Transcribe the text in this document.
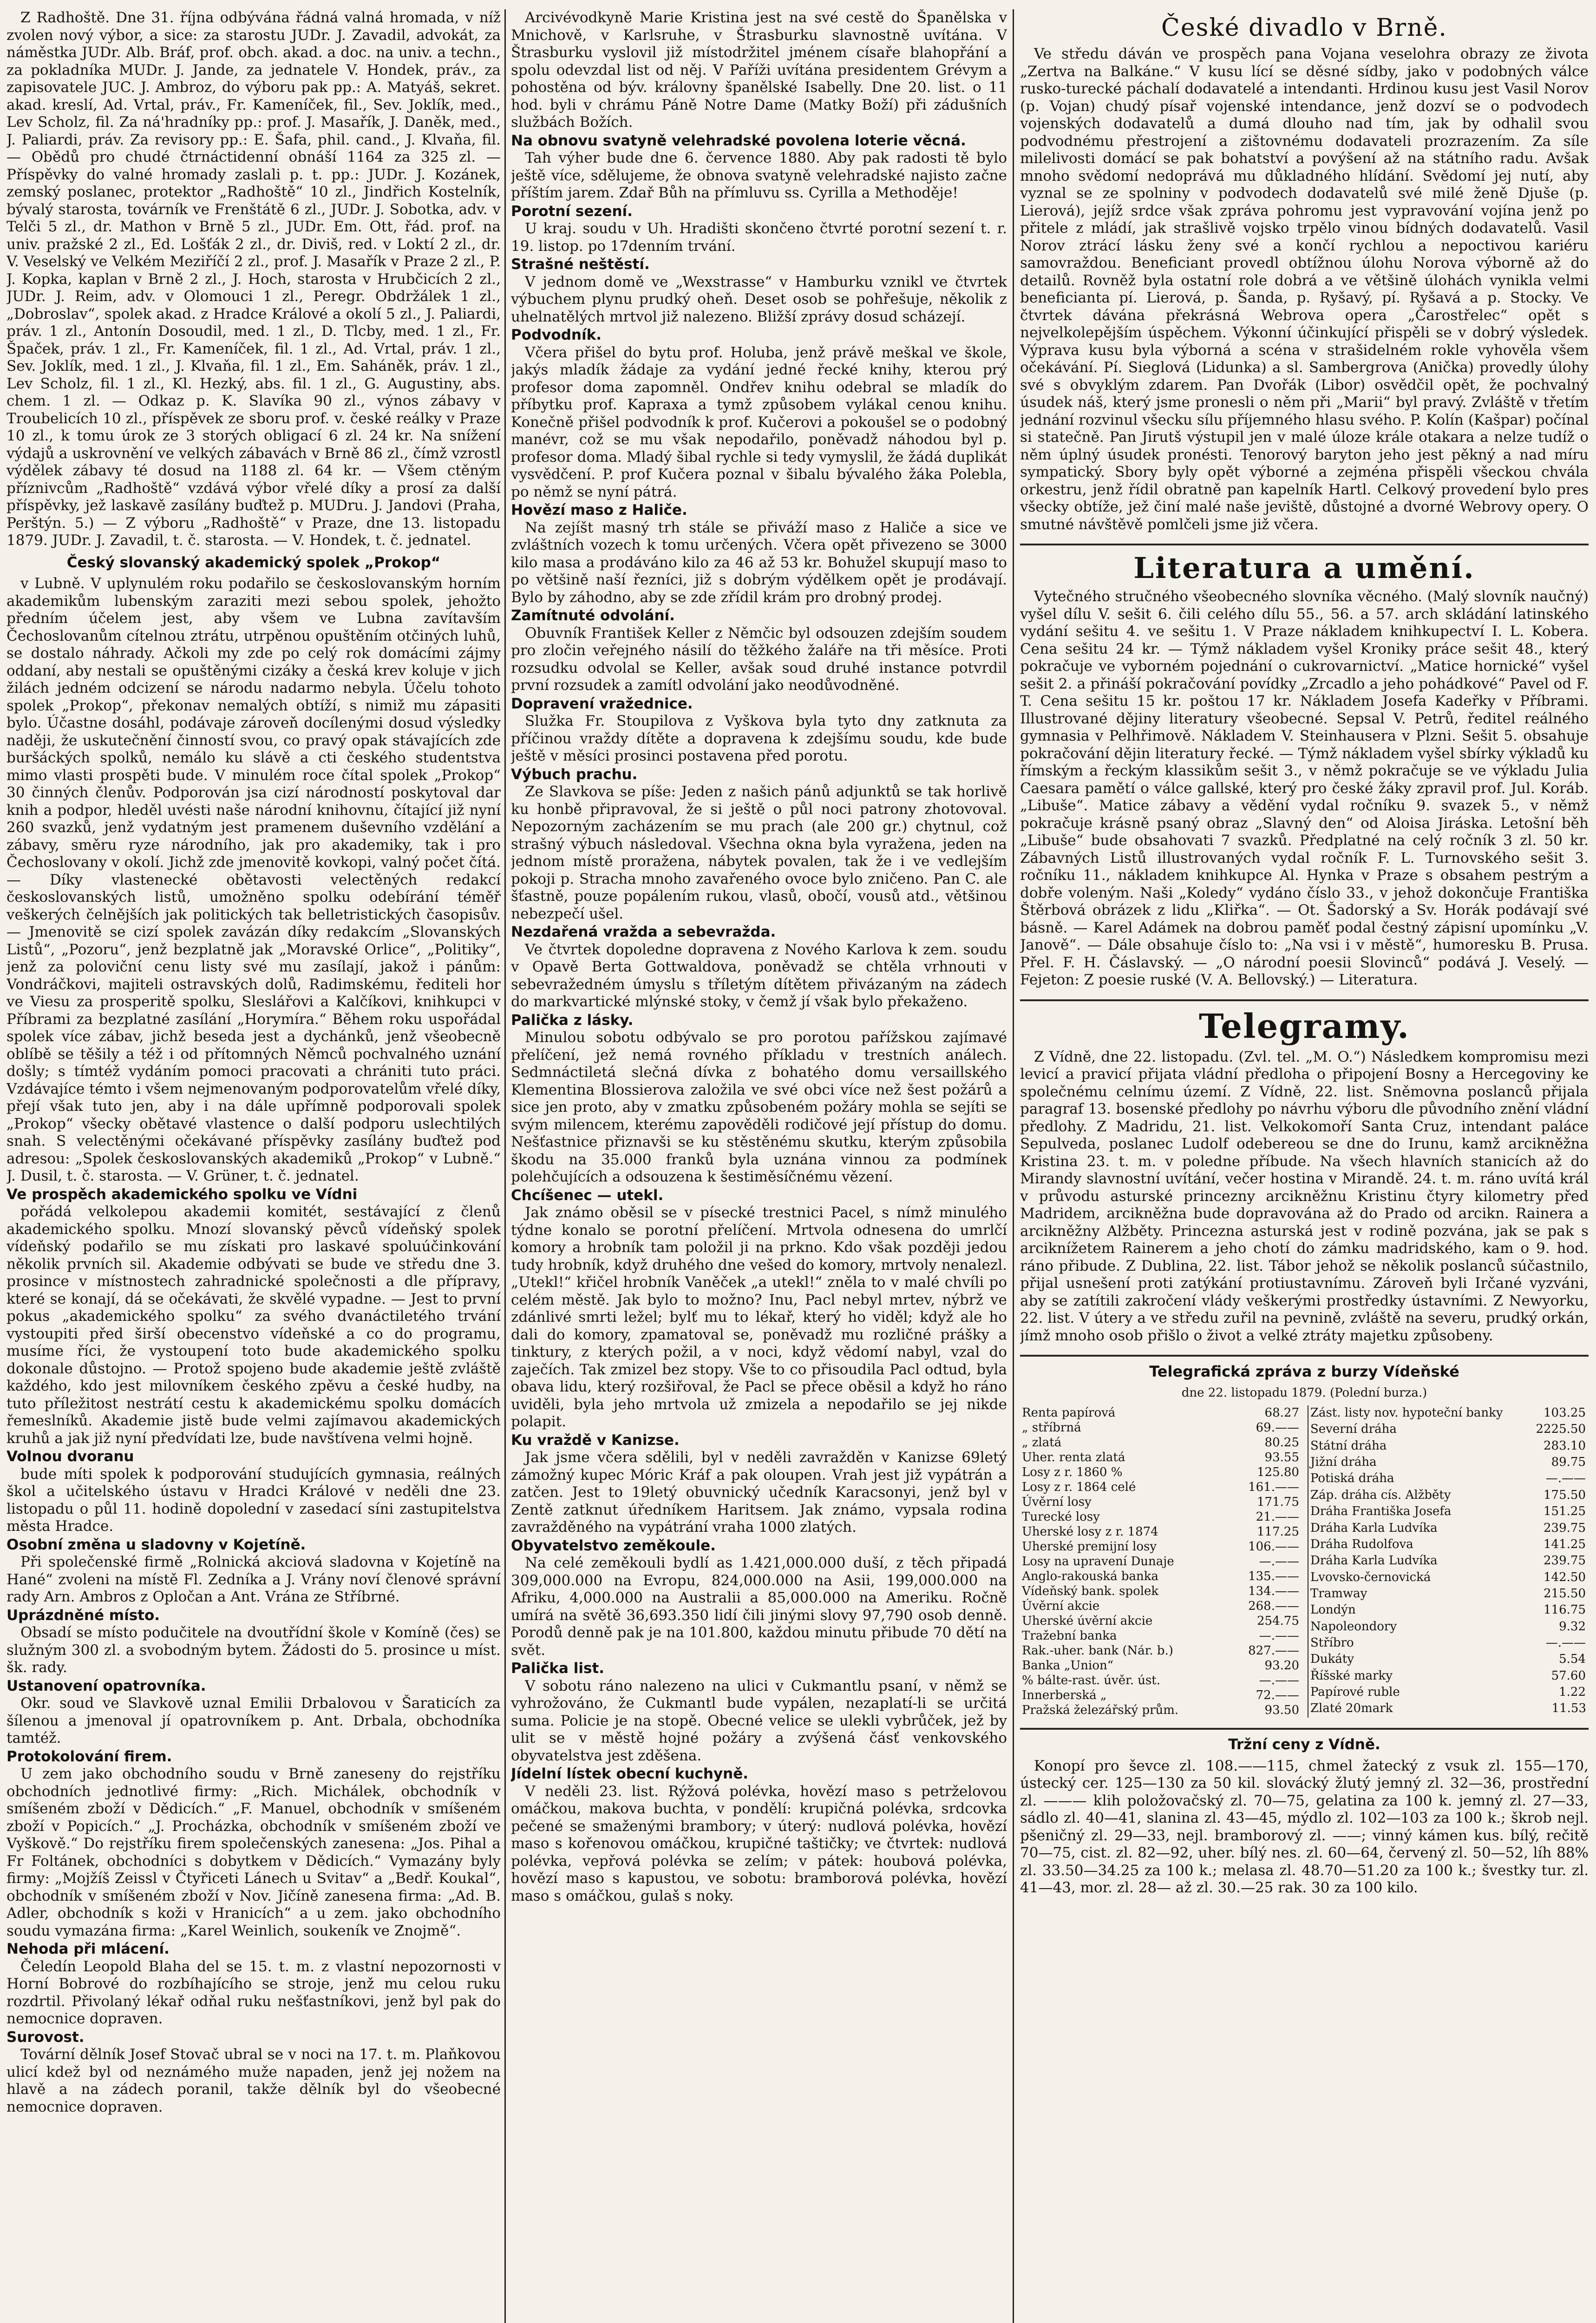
Z Radhoště. Dne 31. října odbývána řádná valná hromada, v níž zvolen nový výbor, a sice: za starostu JUDr. J. Zavadil, advokát, za náměstka JUDr. Alb. Bráf, prof. obch. akad. a doc. na univ. a techn., za pokladníka MUDr. J. Jande, za jednatele V. Hondek, práv., za zapisovatele JUC. J. Ambroz, do výboru pak pp.: A. Matyáš, sekret. akad. kreslí, Ad. Vrtal, práv., Fr. Kameníček, fil., Sev. Joklík, med., Lev Scholz, fil. Za ná'hradníky pp.: prof. J. Masařík, J. Daněk, med., J. Paliardi, práv. Za revisory pp.: E. Šafa, phil. cand., J. Klvaňa, fil. — Obědů pro chudé čtrnáctidenní obnáší 1164 za 325 zl. — Příspěvky do valné hromady zaslali p. t. pp.: JUDr. J. Kozánek, zemský poslanec, protektor „Radhoště“ 10 zl., Jindřich Kostelník, bývalý starosta, továrník ve Frenštátě 6 zl., JUDr. J. Sobotka, adv. v Telči 5 zl., dr. Mathon v Brně 5 zl., JUDr. Em. Ott, řád. prof. na univ. pražské 2 zl., Ed. Lošťák 2 zl., dr. Diviš, red. v Loktí 2 zl., dr. V. Veselský ve Velkém Meziříčí 2 zl., prof. J. Masařík v Praze 2 zl., P. J. Kopka, kaplan v Brně 2 zl., J. Hoch, starosta v Hrubčicích 2 zl., JUDr. J. Reim, adv. v Olomouci 1 zl., Peregr. Obdržálek 1 zl., „Dobroslav“, spolek akad. z Hradce Králové a okolí 5 zl., J. Paliardi, práv. 1 zl., Antonín Dosoudil, med. 1 zl., D. Tlcby, med. 1 zl., Fr. Špaček, práv. 1 zl., Fr. Kameníček, fil. 1 zl., Ad. Vrtal, práv. 1 zl., Sev. Joklík, med. 1 zl., J. Klvaňa, fil. 1 zl., Em. Saháněk, práv. 1 zl., Lev Scholz, fil. 1 zl., Kl. Hezký, abs. fil. 1 zl., G. Augustiny, abs. chem. 1 zl. — Odkaz p. K. Slavíka 90 zl., výnos zábavy v Troubelicích 10 zl., příspěvek ze sboru prof. v. české reálky v Praze 10 zl., k tomu úrok ze 3 storých obligací 6 zl. 24 kr. Na snížení výdajů a uskrovnění ve velkých zábavách v Brně 86 zl., čímž vzrostl výdělek zábavy té dosud na 1188 zl. 64 kr. — Všem ctěným příznivcům „Radhoště“ vzdává výbor vřelé díky a prosí za další příspěvky, jež laskavě zasílány buďtež p. MUDru. J. Jandovi (Praha, Perštýn. 5.) — Z výboru „Radhoště“ v Praze, dne 13. listopadu 1879. JUDr. J. Zavadil, t. č. starosta. — V. Hondek, t. č. jednatel.

Český slovanský akademický spolek „Prokop“

v Lubně. V uplynulém roku podařilo se českoslovanským horním akademikům lubenským zaraziti mezi sebou spolek, jehožto předním účelem jest, aby všem ve Lubna zavítavším Čechoslovanům cítelnou ztrátu, utrpěnou opuštěním otčiných luhů, se dostalo náhrady. Ačkoli my zde po celý rok domácími zájmy oddaní, aby nestali se opuštěnými cizáky a česká krev koluje v jich žilách jedném odcizení se národu nadarmo nebyla. Účelu tohoto spolek „Prokop“, překonav nemalých obtíží, s nimiž mu zápasiti bylo. Účastne dosáhl, podávaje zároveň docílenými dosud výsledky naději, že uskutečnění činností svou, co pravý opak stávajících zde buršáckých spolků, nemálo ku slávě a cti českého studentstva mimo vlasti prospěti bude. V minulém roce čítal spolek „Prokop“ 30 činných členův. Podporován jsa cizí národností poskytoval dar knih a podpor, hleděl uvésti naše národní knihovnu, čítající již nyní 260 svazků, jenž vydatným jest pramenem duševního vzdělání a zábavy, směru ryze národního, jak pro akademiky, tak i pro Čechoslovany v okolí. Jichž zde jmenovitě kovkopi, valný počet čítá. — Díky vlastenecké obětavosti velectěných redakcí českoslovanských listů, umožněno spolku odebírání téměř veškerých čelnějších jak politických tak belletristických časopisův. — Jmenovitě se cizí spolek zavázán díky redakcím „Slovanských Listů“, „Pozoru“, jenž bezplatně jak „Moravské Orlice“, „Politiky“, jenž za polovičnί cenu listy své mu zasílají, jakož i pánům: Vondráčkovi, majiteli ostravských dolů, Radimskému, řediteli hor ve Viesu za prosperitě spolku, Sleslářovi a Kalčíkovi, knihkupci v Příbrami za bezplatné zasílání „Horymíra.“ Během roku uspořádal spolek více zábav, jichž beseda jest a dychánků, jenž všeobecně oblíbě se těšily a též i od přítomných Němců pochvalného uznání došly; s tímtéž vydáním pomoci pracovati a chrániti tuto práci. Vzdávajíce témto i všem nejmenovaným podporovatelům vřelé díky, přejí však tuto jen, aby i na dále upřímně podporovali spolek „Prokop“ všecky obětavé vlastence o další podporu uslechtilých snah. S velectěnými očekávané příspěvky zasílány buďtež pod adresou: „Spolek českoslovanských akademiků „Prokop“ v Lubně.“ J. Dusil, t. č. starosta. — V. Grüner, t. č. jednatel.

Ve prospěch akademického spolku ve Vídni

pořádá velkolepou akademii komitét, sestávající z členů akademického spolku. Mnozí slovanský pěvců vídeňský spolek vídeňský podařilo se mu získati pro laskavé spoluúčinkování několik prvních sil. Akademie odbývati se bude ve středu dne 3. prosince v místnostech zahradnické společnosti a dle přípravy, které se konají, dá se očekávati, že skvělé vypadne. — Jest to první pokus „akademického spolku“ za svého dvanáctiletého trvání vystoupiti před širší obecenstvo vídeňské a co do programu, musíme říci, že vystoupení toto bude akademického spolku dokonale důstojno. — Protož spojeno bude akademie ještě zvláště každého, kdo jest milovníkem českého zpěvu a české hudby, na tuto příležitost nestrátí cestu k akademickému spolku domácích řemeslníků. Akademie jistě bude velmi zajímavou akademických kruhů a jak již nyní předvídati lze, bude navštívena velmi hojně.

Volnou dvoranu

bude míti spolek k podporování studujících gymnasia, reálných škol a učitelského ústavu v Hradci Králové v neděli dne 23. listopadu o půl 11. hodině dopolední v zasedací síni zastupitelstva města Hradce.

Osobní změna u sladovny v Kojetíně.

Při společenské firmě „Rolnická akciová sladovna v Kojetíně na Hané“ zvoleni na místě Fl. Zedníka a J. Vrány noví členové správní rady Arn. Ambros z Opločan a Ant. Vrána ze Stříbrné.

Uprázdněné místo.

Obsadí se místo podučitele na dvoutřídní škole v Komíně (čes) se služným 300 zl. a svobodným bytem. Žádosti do 5. prosince u míst. šk. rady.

Ustanovení opatrovníka.

Okr. soud ve Slavkově uznal Emilii Drbalovou v Šaraticích za šílenou a jmenoval jí opatrovníkem p. Ant. Drbala, obchodníka tamtéž.

Protokolování firem.

U zem jako obchodního soudu v Brně zaneseny do rejstříku obchodních jednotlivé firmy: „Rich. Michálek, obchodník v smíšeném zboží v Dědicích.“ „F. Manuel, obchodník v smíšeném zboží v Popicích.“ „J. Procházka, obchodník v smíšeném zboží ve Vyškově.“ Do rejstříku firem společenských zanesena: „Jos. Pihal a Fr Foltánek, obchodníci s dobytkem v Dědicích.“ Vymazány byly firmy: „Mojžíš Zeissl v Čtyřiceti Lánech u Svitav“ a „Bedř. Koukal“, obchodník v smíšeném zboží v Nov. Jičíně zanesena firma: „Ad. B. Adler, obchodník s koži v Hranicích“ a u zem. jako obchodního soudu vymazána firma: „Karel Weinlich, soukeník ve Znojmě“.

Nehoda při mlácení.

Čeledín Leopold Blaha del se 15. t. m. z vlastní nepozornosti v Horní Bobrové do rozbíhajícího se stroje, jenž mu celou ruku rozdrtil. Přivolaný lékař odňal ruku nešťastníkovi, jenž byl pak do nemocnice dopraven.

Surovost.

Tovární dělník Josef Stovač ubral se v noci na 17. t. m. Plaňkovou ulicí kdež byl od neznámého muže napaden, jenž jej nožem na hlavě a na zádech poranil, takže dělník byl do všeobecné nemocnice dopraven.

Arcivévodkyně Marie Kristina jest na své cestě do Španělska v Mnichově, v Karlsruhe, v Štrasburku slavnostně uvítána. V Štrasburku vyslovil již místodržitel jménem císaře blahopřání a spolu odevzdal list od něj. V Paříži uvítána presidentem Grévym a pohostěna od býv. královny španělské Isabelly. Dne 20. list. o 11 hod. byli v chrámu Páně Notre Dame (Matky Boží) při zádušních službách Božích.

Na obnovu svatyně velehradské povolena loterie věcná.

Tah výher bude dne 6. července 1880. Aby pak radosti tě bylo ještě více, sdělujeme, že obnova svatyně velehradské najisto začne příštím jarem. Zdař Bůh na přímluvu ss. Cyrilla a Methoděje!

Porotní sezení.

U kraj. soudu v Uh. Hradišti skončeno čtvrté porotní sezení t. r. 19. listop. po 17denním trvání.

Strašné neštěstí.

V jednom domě ve „Wexstrasse“ v Hamburku vznikl ve čtvrtek výbuchem plynu prudký oheň. Deset osob se pohřešuje, několik z uhelnatělých mrtvol již nalezeno. Bližší zprávy dosud scházejí.

Podvodník.

Včera přišel do bytu prof. Holuba, jenž právě meškal ve škole, jakýs mladík žádaje za vydání jedné řecké knihy, kterou prý profesor doma zapomněl. Ondřev knihu odebral se mladík do příbytku prof. Kapraxa a tymž způsobem vylákal cenou knihu. Konečně přišel podvodník k prof. Kučerovi a pokoušel se o podobný manévr, což se mu však nepodařilo, poněvadž náhodou byl p. profesor doma. Mladý šibal rychle si tedy vymyslil, že žádá duplikát vysvědčení. P. prof Kučera poznal v šibalu bývalého žáka Polebla, po němž se nyní pátrá.

Hovězí maso z Haliče.

Na zejíšt masný trh stále se přiváží maso z Haliče a sice ve zvláštních vozech k tomu určených. Včera opět přivezeno se 3000 kilo masa a prodáváno kilo za 46 až 53 kr. Bohužel skupují maso to po většině naší řezníci, již s dobrým výdělkem opět je prodávají. Bylo by záhodno, aby se zde zřídil krám pro drobný prodej.

Zamítnuté odvolání.

Obuvník František Keller z Němčic byl odsouzen zdejším soudem pro zločin veřejného násilí do těžkého žaláře na tři měsíce. Proti rozsudku odvolal se Keller, avšak soud druhé instance potvrdil první rozsudek a zamítl odvolání jako neodůvodněné.

Dopravení vražednice.

Služka Fr. Stoupilova z Vyškova byla tyto dny zatknuta za příčinou vraždy dítěte a dopravena k zdejšímu soudu, kde bude ještě v měsíci prosinci postavena před porotu.

Výbuch prachu.

Ze Slavkova se píše: Jeden z našich pánů adjunktů se tak horlivě ku honbě připravoval, že si ještě o půl noci patrony zhotovoval. Nepozorným zacházením se mu prach (ale 200 gr.) chytnul, což strašný výbuch následoval. Všechna okna byla vyražena, jeden na jednom místě proražena, nábytek povalen, tak že i ve vedlejším pokoji p. Stracha mnoho zavařeného ovoce bylo zničeno. Pan C. ale šťastně, pouze popálením rukou, vlasů, obočí, vousů atd., většinou nebezpečí ušel.

Nezdařená vražda a sebevražda.

Ve čtvrtek dopoledne dopravena z Nového Karlova k zem. soudu v Opavě Berta Gottwaldova, poněvadž se chtěla vrhnouti v sebevražedném úmyslu s tříletým dítětem přivázaným na zádech do markvartické mlýnské stoky, v čemž jí však bylo překaženo.

Palička z lásky.

Minulou sobotu odbývalo se pro porotou pařížskou zajímavé přelíčení, jež nemá rovného příkladu v trestních análech. Sedmnáctiletá slečná dívka z bohatého domu versaillského Klementina Blossierova založila ve své obci více než šest požárů a sice jen proto, aby v zmatku způsobeném požáry mohla se sejíti se svým milencem, kterému zapověděli rodičové její přístup do domu. Nešťastnice přiznavši se ku stěstěnému skutku, kterým způsobila škodu na 35.000 franků byla uznána vinnou za podmínek polehčujících a odsouzena k šestiměsíčnému vězení.

Chcíšenec — utekl.

Jak známo oběsil se v písecké trestnici Pacel, s nímž minulého týdne konalo se porotní přelíčení. Mrtvola odnesena do umrlčí komory a hrobník tam položil ji na prkno. Kdo však později jedou tudy hrobník, když druhého dne vešed do komory, mrtvoly nenalezl. „Utekl!“ křičel hrobník Vaněček „a utekl!“ zněla to v malé chvíli po celém městě. Jak bylo to možno? Inu, Pacl nebyl mrtev, nýbrž ve zdánlivé smrti ležel; bylť mu to lékař, který ho viděl; když ale ho dali do komory, zpamatoval se, poněvadž mu rozličné prášky a tinktury, z kterých požil, a v noci, když vědomí nabyl, vzal do zaječích. Tak zmizel bez stopy. Vše to co přisoudila Pacl odtud, byla obava lidu, který rozšiřoval, že Pacl se přece oběsil a když ho ráno uviděli, byla jeho mrtvola už zmizela a nepodařilo se jej nikde polapit.

Ku vraždě v Kanizse.

Jak jsme včera sdělili, byl v neděli zavražděn v Kanizse 69letý zámožný kupec Móric Kráf a pak oloupen. Vrah jest již vypátrán a zatčen. Jest to 19letý obuvnický učedník Karacsonyi, jenž byl v Zentě zatknut úředníkem Haritsem. Jak známo, vypsala rodina zavražděného na vypátrání vraha 1000 zlatých.

Obyvatelstvo zeměkoule.

Na celé zeměkouli bydlí as 1.421,000.000 duší, z těch připadá 309,000.000 na Evropu, 824,000.000 na Asii, 199,000.000 na Afriku, 4,000.000 na Australii a 85,000.000 na Ameriku. Ročně umírá na světě 36,693.350 lidí čili jinými slovy 97,790 osob denně. Porodů denně pak je na 101.800, každou minutu přibude 70 dětí na svět.

Palička list.

V sobotu ráno nalezeno na ulici v Cukmantlu psaní, v němž se vyhrožováno, že Cukmantl bude vypálen, nezaplatí-li se určitá suma. Policie je na stopě. Obecné velice se ulekli vybrůček, jež by ulit se v městě hojné požáry a zvýšená čásť venkovského obyvatelstva jest zděšena.

Jídelní lístek obecní kuchyně.

V neděli 23. list. Rýžová polévka, hovězí maso s petrželovou omáčkou, makova buchta, v pondělí: krupičná polévka, srdcovka pečené se smaženými brambory; v úterý: nudlová polévka, hovězí maso s kořenovou omáčkou, krupičné taštičky; ve čtvrtek: nudlová polévka, vepřová polévka se zelím; v pátek: houbová polévka, hovězí maso s kapustou, ve sobotu: bramborová polévka, hovězí maso s omáčkou, gulaš s noky.

České divadlo v Brně.

Ve středu dáván ve prospěch pana Vojana veselohra obrazy ze života „Zertva na Balkáne.“ V kusu lící se děsné sídby, jako v podobných válce rusko-turecké páchalí dodavatelé a intendanti. Hrdinou kusu jest Vasil Norov (p. Vojan) chudý písař vojenské intendance, jenž dozví se o podvodech vojenských dodavatelů a dumá dlouho nad tím, jak by odhalil svou podvodnému přestrojení a zištovnému dodavateli prozrazením. Za síle milelivosti domácí se pak bohatství a povýšení až na státního radu. Avšak mnoho svědomí nedoprává mu důkladného hlídání. Svědomí jej nutí, aby vyznal se ze spolniny v podvodech dodavatelů své milé ženě Djuše (p. Lierová), jejíž srdce však zpráva pohromu jest vypravování vojína jenž po přitele z mládí, jak strašlivě vojsko trpělo vinou bídných dodavatelů. Vasil Norov ztrácí lásku ženy své a končí rychlou a nepoctivou kariéru samovraždou. Beneficiant provedl obtížnou úlohu Norova výborně až do detailů. Rovněž byla ostatní role dobrá a ve většině úlohách vynikla velmi beneficianta pí. Lierová, p. Šanda, p. Ryšavý, pí. Ryšavá a p. Stocky. Ve čtvrtek dávána překrásná Webrova opera „Čarostřelec“ opět s nejvelkolepějším úspěchem. Výkonní účinkující přispěli se v dobrý výsledek. Výprava kusu byla výborná a scéna v strašidelném rokle vyhověla všem očekávání. Pí. Sieglová (Lidunka) a sl. Sambergrova (Anička) provedly úlohy své s obvyklým zdarem. Pan Dvořák (Libor) osvědčil opět, že pochvalný úsudek náš, který jsme pronesli o něm při „Marii“ byl pravý. Zvláště v třetím jednání rozvinul všecku sílu příjemného hlasu svého. P. Kolín (Kašpar) počínal si statečně. Pan Jirutš výstupil jen v malé úloze krále otakara a nelze tudíž o něm úplný úsudek pronésti. Tenorový baryton jeho jest pěkný a nad míru sympatický. Sbory byly opět výborné a zejména přispěli všeckou chvála orkestru, jenž řídil obratně pan kapelník Hartl. Celkový provedení bylo pres všecky obtíže, jež činí malé naše jeviště, důstojné a dvorné Webrovy opery. O smutné návštěvě pomlčeli jsme již včera.

Literatura a umění.

Vytečného stručného všeobecného slovníka věcného. (Malý slovník naučný) vyšel dílu V. sešit 6. čili celého dílu 55., 56. a 57. arch skládání latinského vydání sešitu 4. ve sešitu 1. V Praze nákladem knihkupectví I. L. Kobera. Cena sešitu 24 kr. — Týmž nákladem vyšel Kroniky práce sešit 48., který pokračuje ve vyborném pojednání o cukrovarnictví. „Matice hornické“ vyšel sešit 2. a přináší pokračování povídky „Zrcadlo a jeho pohádkové“ Pavel od F. T. Cena sešitu 15 kr. poštou 17 kr. Nákladem Josefa Kadeřky v Příbrami. Illustrované dějiny literatury všeobecné. Sepsal V. Petrů, ředitel reálného gymnasia v Pelhřimově. Nákladem V. Steinhausera v Plzni. Sešit 5. obsahuje pokračování dějin literatury řecké. — Týmž nákladem vyšel sbírky výkladů ku římským a řeckým klassikům sešit 3., v němž pokračuje se ve výkladu Julia Caesara pamětí o válce gallské, který pro české žáky zpravil prof. Jul. Koráb. „Libuše“. Matice zábavy a vědění vydal ročníku 9. svazek 5., v němž pokračuje krásně psaný obraz „Slavný den“ od Aloisa Jiráska. Letošní běh „Libuše“ bude obsahovati 7 svazků. Předplatné na celý ročník 3 zl. 50 kr. Zábavných Listů illustrovaných vydal ročník F. L. Turnovského sešit 3. ročníku 11., nákladem knihkupce Al. Hynka v Praze s obsahem pestrým a dobře voleným. Naši „Koledy“ vydáno číslo 33., v jehož dokončuje Františka Štěrbová obrázek z lidu „Kliřka“. — Ot. Šadorský a Sv. Horák podávají své básně. — Karel Adámek na dobrou paměť podal čestný zápisní upomínku „V. Janově“. — Dále obsahuje číslo to: „Na vsi i v městě“, humoresku B. Prusa. Přel. F. H. Čáslavský. — „O národní poesii Slovinců“ podává J. Veselý. — Fejeton: Z poesie ruské (V. A. Bellovský.) — Literatura.

Telegramy.

Z Vídně, dne 22. listopadu. (Zvl. tel. „M. O.“) Následkem kompromisu mezi levicí a pravicí přijata vládní předloha o připojení Bosny a Hercegoviny ke společnému celnímu území. Z Vídně, 22. list. Sněmovna poslanců přijala paragraf 13. bosenské předlohy po návrhu výboru dle původního znění vládní předlohy. Z Madridu, 21. list. Velkokomoří Santa Cruz, intendant paláce Sepulveda, poslanec Ludolf odebereou se dne do Irunu, kamž arcikněžna Kristina 23. t. m. v poledne příbude. Na všech hlavních stanicích až do Mirandy slavnostní uvítání, večer hostina v Mirandě. 24. t. m. ráno uvítá král v průvodu asturské princezny arcikněžnu Kristinu čtyry kilometry před Madridem, arcikněžna bude dopravována až do Prado od arcikn. Rainera a arcikněžny Alžběty. Princezna asturská jest v rodině pozvána, jak se pak s arciknížetem Rainerem a jeho chotí do zámku madridského, kam o 9. hod. ráno přibude. Z Dublina, 22. list. Tábor jehož se několik poslanců súčastnilo, přijal usnešení proti zatýkání protiustavnímu. Zároveň byli Irčané vyzváni, aby se zatítili zakročení vlády veškerými prostředky ústavními. Z Newyorku, 22. list. V útery a ve středu zuřil na pevnině, zvláště na severu, prudký orkán, jímž mnoho osob přišlo o život a velké ztráty majetku způsobeny.

Telegrafická zpráva z burzy Vídeňské
dne 22. listopadu 1879. (Polední burza.)
Renta papírová	68.27
„ stříbrná	69.——
„ zlatá	80.25
Uher. renta zlatá	93.55
Losy z r. 1860 %	125.80
Losy z r. 1864 celé	161.——
Úvěrní losy	171.75
Turecké losy	21.——
Uherské losy z r. 1874	117.25
Uherské premijní losy	106.——
Losy na upravení Dunaje	—.——
Anglo-rakouská banka	135.——
Vídeňský bank. spolek	134.——
Úvěrní akcie	268.——
Uherské úvěrní akcie	254.75
Tražební banka	—.——
Rak.-uher. bank (Nár. b.)	827.——
Banka „Union“	93.20
% bálte-rast. úvěr. úst.	—.——
Innerberská „	72.——
Pražská železářský prům.	93.50
Zást. listy nov. hypoteční banky	103.25
Severní dráha	2225.50
Státní dráha	283.10
Jižní dráha	89.75
Potiská dráha	—.——
Záp. dráha cís. Alžběty	175.50
Dráha Františka Josefa	151.25
Dráha Karla Ludvíka	239.75
Dráha Rudolfova	141.25
Dráha Karla Ludvíka	239.75
Lvovsko-černovická	142.50
Tramway	215.50
Londýn	116.75
Napoleondory	9.32
Stříbro	—.——
Dukáty	5.54
Říšské marky	57.60
Papírové ruble	1.22
Zlaté 20mark	11.53
Tržní ceny z Vídně.

Konopí pro ševce zl. 108.——115, chmel žatecký z vsuk zl. 155—170, ústecký cer. 125—130 za 50 kil. slovácký žlutý jemný zl. 32—36, prostřední zl. ——— klih položovačský zl. 70—75, gelatina za 100 k. jemný zl. 27—33, sádlo zl. 40—41, slanina zl. 43—45, mýdlo zl. 102—103 za 100 k.; škrob nejl. pšeničný zl. 29—33, nejl. bramborový zl. ——; vinný kámen kus. bílý, rečitě 70—75, cist. zl. 82—92, uher. bílý nes. zl. 60—64, červený zl. 50—52, líh 88% zl. 33.50—34.25 za 100 k.; melasa zl. 48.70—51.20 za 100 k.; švestky tur. zl. 41—43, mor. zl. 28— až zl. 30.—25 rak. 30 za 100 kilo.
